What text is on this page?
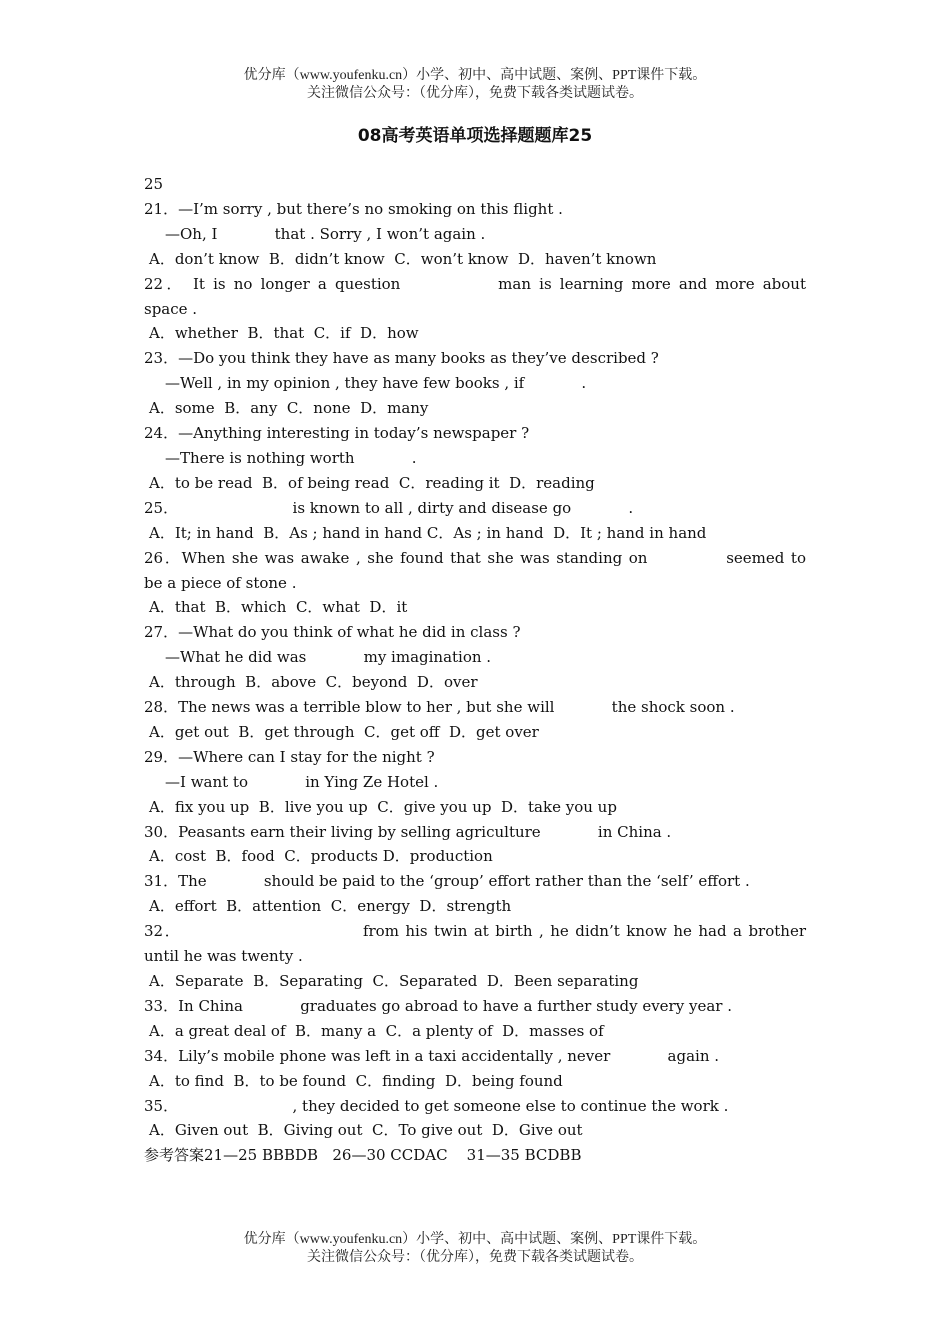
优分库（www.youfenku.cn）小学、初中、高中试题、案例、PPT课件下载。
关注微信公众号：（优分库），免费下载各类试题试卷。
08高考英语单项选择题题库25
25
21．—I’m sorry , but there’s no smoking on this flight .
—Oh, I            that . Sorry , I won’t again .
A．don’t know  B．didn’t know  C．won’t know  D．haven’t known
22． It is no longer a question            man is learning more and more about
space .
A．whether  B．that  C．if  D．how
23．—Do you think they have as many books as they’ve described ?
—Well , in my opinion , they have few books , if            .
A．some  B．any  C．none  D．many
24．—Anything interesting in today’s newspaper ?
—There is nothing worth            .
A．to be read  B．of being read  C．reading it  D．reading
25．                        is known to all , dirty and disease go            .
A．It; in hand  B．As ; hand in hand C．As ; in hand  D．It ; hand in hand
26．When she was awake , she found that she was standing on            seemed to
be a piece of stone .
A．that  B．which  C．what  D．it
27．—What do you think of what he did in class ?
—What he did was            my imagination .
A．through  B．above  C．beyond  D．over
28．The news was a terrible blow to her , but she will            the shock soon .
A．get out  B．get through  C．get off  D．get over
29．—Where can I stay for the night ?
—I want to            in Ying Ze Hotel .
A．fix you up  B．live you up  C．give you up  D．take you up
30．Peasants earn their living by selling agriculture            in China .
A．cost  B．food  C．products D．production
31．The            should be paid to the ‘group’ effort rather than the ‘self’ effort .
A．effort  B．attention  C．energy  D．strength
32．                            from his twin at birth , he didn’t know he had a brother
until he was twenty .
A．Separate  B．Separating  C．Separated  D．Been separating
33．In China            graduates go abroad to have a further study every year .
A．a great deal of  B．many a  C．a plenty of  D．masses of
34．Lily’s mobile phone was left in a taxi accidentally , never            again .
A．to find  B．to be found  C．finding  D．being found
35．                        , they decided to get someone else to continue the work .
A．Given out  B．Giving out  C．To give out  D．Give out
参考答案21—25 BBBDB   26—30 CCDAC    31—35 BCDBB
优分库（www.youfenku.cn）小学、初中、高中试题、案例、PPT课件下载。
关注微信公众号：（优分库），免费下载各类试题试卷。
